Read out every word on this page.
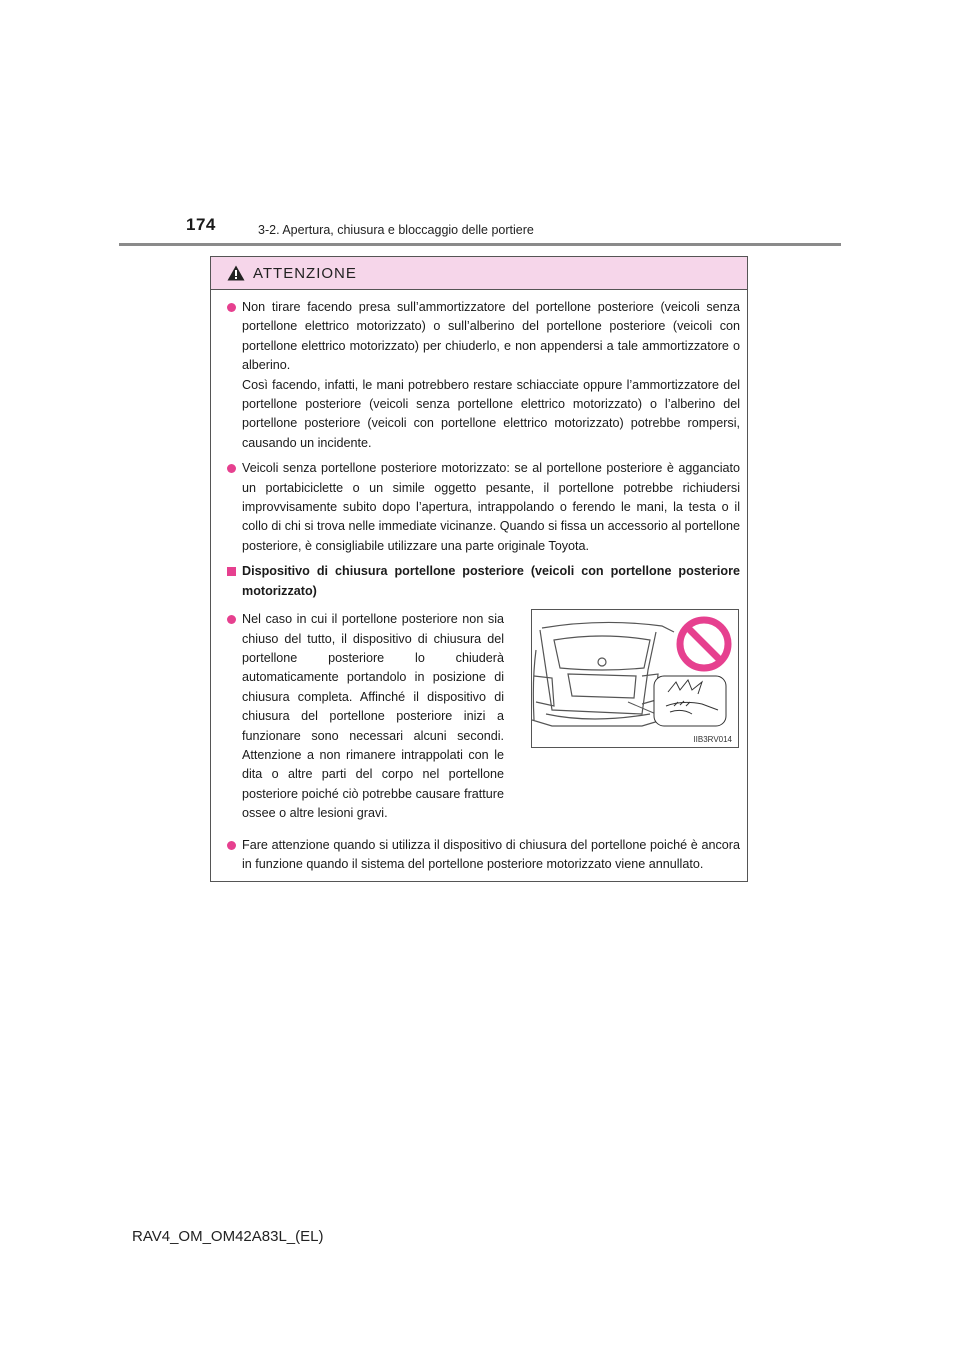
174	3-2. Apertura, chiusura e bloccaggio delle portiere
ATTENZIONE
Non tirare facendo presa sull’ammortizzatore del portellone posteriore (veicoli senza portellone elettrico motorizzato) o sull’alberino del portellone posteriore (veicoli con portellone elettrico motorizzato) per chiuderlo, e non appendersi a tale ammortizzatore o alberino.
Così facendo, infatti, le mani potrebbero restare schiacciate oppure l’ammortizzatore del portellone posteriore (veicoli senza portellone elettrico motorizzato) o l’alberino del portellone posteriore (veicoli con portellone elettrico motorizzato) potrebbe rompersi, causando un incidente.
Veicoli senza portellone posteriore motorizzato: se al portellone posteriore è agganciato un portabiciclette o un simile oggetto pesante, il portellone potrebbe richiudersi improvvisamente subito dopo l’apertura, intrappolando o ferendo le mani, la testa o il collo di chi si trova nelle immediate vicinanze. Quando si fissa un accessorio al portellone posteriore, è consigliabile utilizzare una parte originale Toyota.
Dispositivo di chiusura portellone posteriore (veicoli con portellone posteriore motorizzato)
Nel caso in cui il portellone posteriore non sia chiuso del tutto, il dispositivo di chiusura del portellone posteriore lo chiuderà automaticamente portandolo in posizione di chiusura completa. Affinché il dispositivo di chiusura del portellone posteriore inizi a funzionare sono necessari alcuni secondi. Attenzione a non rimanere intrappolati con le dita o altre parti del corpo nel portellone posteriore poiché ciò potrebbe causare fratture ossee o altre lesioni gravi.
IIB3RV014
Fare attenzione quando si utilizza il dispositivo di chiusura del portellone poiché è ancora in funzione quando il sistema del portellone posteriore motorizzato viene annullato.
RAV4_OM_OM42A83L_(EL)
